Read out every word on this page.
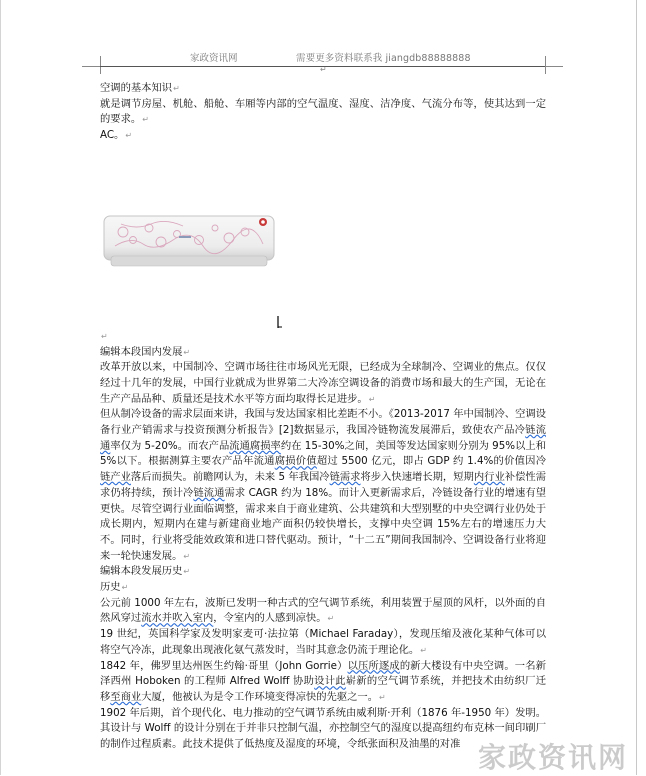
家政资讯网	需要更多资料联系我 jiangdb88888888
↵

空调的基本知识↵

就是调节房屋、机舱、船舱、车厢等内部的空气温度、湿度、洁净度、气流分布等，使其达到一定的要求。↵

AC。↵

↵

编辑本段国内发展↵

改革开放以来，中国制冷、空调市场往往市场风光无限，已经成为全球制冷、空调业的焦点。仅仅经过十几年的发展，中国行业就成为世界第二大冷冻空调设备的消费市场和最大的生产国，无论在生产产品品种、质量还是技术水平等方面均取得长足进步。↵

但从制冷设备的需求层面来讲，我国与发达国家相比差距不小。《2013-2017 年中国制冷、空调设备行业产销需求与投资预测分析报告》[2]数据显示，我国冷链物流发展滞后，致使农产品冷链流通率仅为 5-20%。而农产品流通腐损率约在 15-30%之间，美国等发达国家则分别为 95%以上和 5%以下。根据测算主要农产品年流通腐损价值超过 5500 亿元，即占 GDP 约 1.4%的价值因冷链产业落后而损失。前瞻网认为，未来 5 年我国冷链需求将步入快速增长期，短期内行业补偿性需求仍将持续，预计冷链流通需求 CAGR 约为 18%。而计入更新需求后，冷链设备行业的增速有望更快。尽管空调行业面临调整，需求来自于商业建筑、公共建筑和大型别墅的中央空调行业仍处于成长期内，短期内在建与新建商业地产面积仍较快增长，支撑中央空调 15%左右的增速压力大不。同时，行业将受能效政策和进口替代驱动。预计，“十二五”期间我国制冷、空调设备行业将迎来一轮快速发展。↵

编辑本段发展历史↵

历史↵

公元前 1000 年左右，波斯已发明一种古式的空气调节系统，利用装置于屋顶的风杆，以外面的自然风穿过流水并吹入室内，令室内的人感到凉快。↵

19 世纪，英国科学家及发明家麦可·法拉第（Michael Faraday），发现压缩及液化某种气体可以将空气冷冻，此现象出现液化氨气蒸发时，当时其意念仍流于理论化。↵

1842 年，佛罗里达州医生约翰·哥里（John Gorrie）以压所逐成的新大楼设有中央空调。一名新泽西州 Hoboken 的工程师 Alfred Wolff 协助设计此崭新的空气调节系统，并把技术由纺织厂迁移至商业大厦，他被认为是令工作环境变得凉快的先驱之一。↵

1902 年后期，首个现代化、电力推动的空气调节系统由威利斯·开利（1876 年-1950 年）发明。其设计与 Wolff 的设计分别在于并非只控制气温，亦控制空气的湿度以提高纽约布克林一间印刷厂的制作过程质素。此技术提供了低热度及湿度的环境，令纸张面积及油墨的对准 家政资讯网
